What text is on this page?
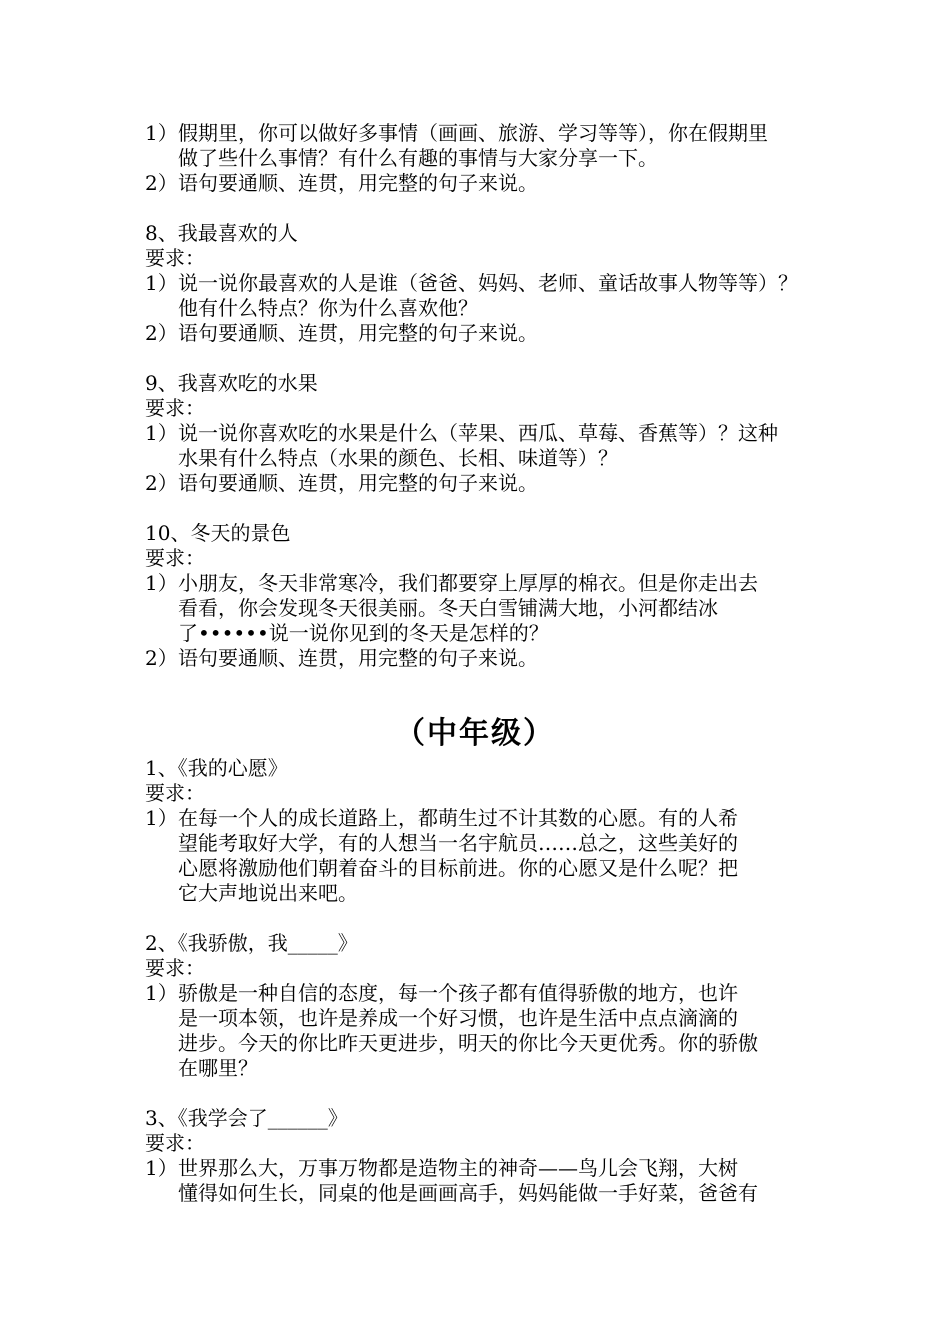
1） 假期里，你可以做好多事情（画画、旅游、学习等等），你在假期里
做了些什么事情？有什么有趣的事情与大家分享一下。
2） 语句要通顺、连贯，用完整的句子来说。
8、我最喜欢的人
要求：
1） 说一说你最喜欢的人是谁（爸爸、妈妈、老师、童话故事人物等等）？
他有什么特点？你为什么喜欢他？
2） 语句要通顺、连贯，用完整的句子来说。
9、我喜欢吃的水果
要求：
1） 说一说你喜欢吃的水果是什么（苹果、西瓜、草莓、香蕉等）？这种
水果有什么特点（水果的颜色、长相、味道等）？
2） 语句要通顺、连贯，用完整的句子来说。
10、冬天的景色
要求：
1） 小朋友，冬天非常寒冷，我们都要穿上厚厚的棉衣。但是你走出去
看看，你会发现冬天很美丽。冬天白雪铺满大地，小河都结冰
了••••••说一说你见到的冬天是怎样的？
2） 语句要通顺、连贯，用完整的句子来说。
（中年级）
1、《我的心愿》
要求：
1） 在每一个人的成长道路上，都萌生过不计其数的心愿。有的人希
望能考取好大学，有的人想当一名宇航员……总之，这些美好的
心愿将激励他们朝着奋斗的目标前进。你的心愿又是什么呢？把
它大声地说出来吧。
2、《我骄傲，我_____》
要求：
1） 骄傲是一种自信的态度，每一个孩子都有值得骄傲的地方，也许
是一项本领，也许是养成一个好习惯，也许是生活中点点滴滴的
进步。今天的你比昨天更进步，明天的你比今天更优秀。你的骄傲
在哪里？
3、《我学会了______》
要求：
1） 世界那么大，万事万物都是造物主的神奇——鸟儿会飞翔，大树
懂得如何生长，同桌的他是画画高手，妈妈能做一手好菜，爸爸有
